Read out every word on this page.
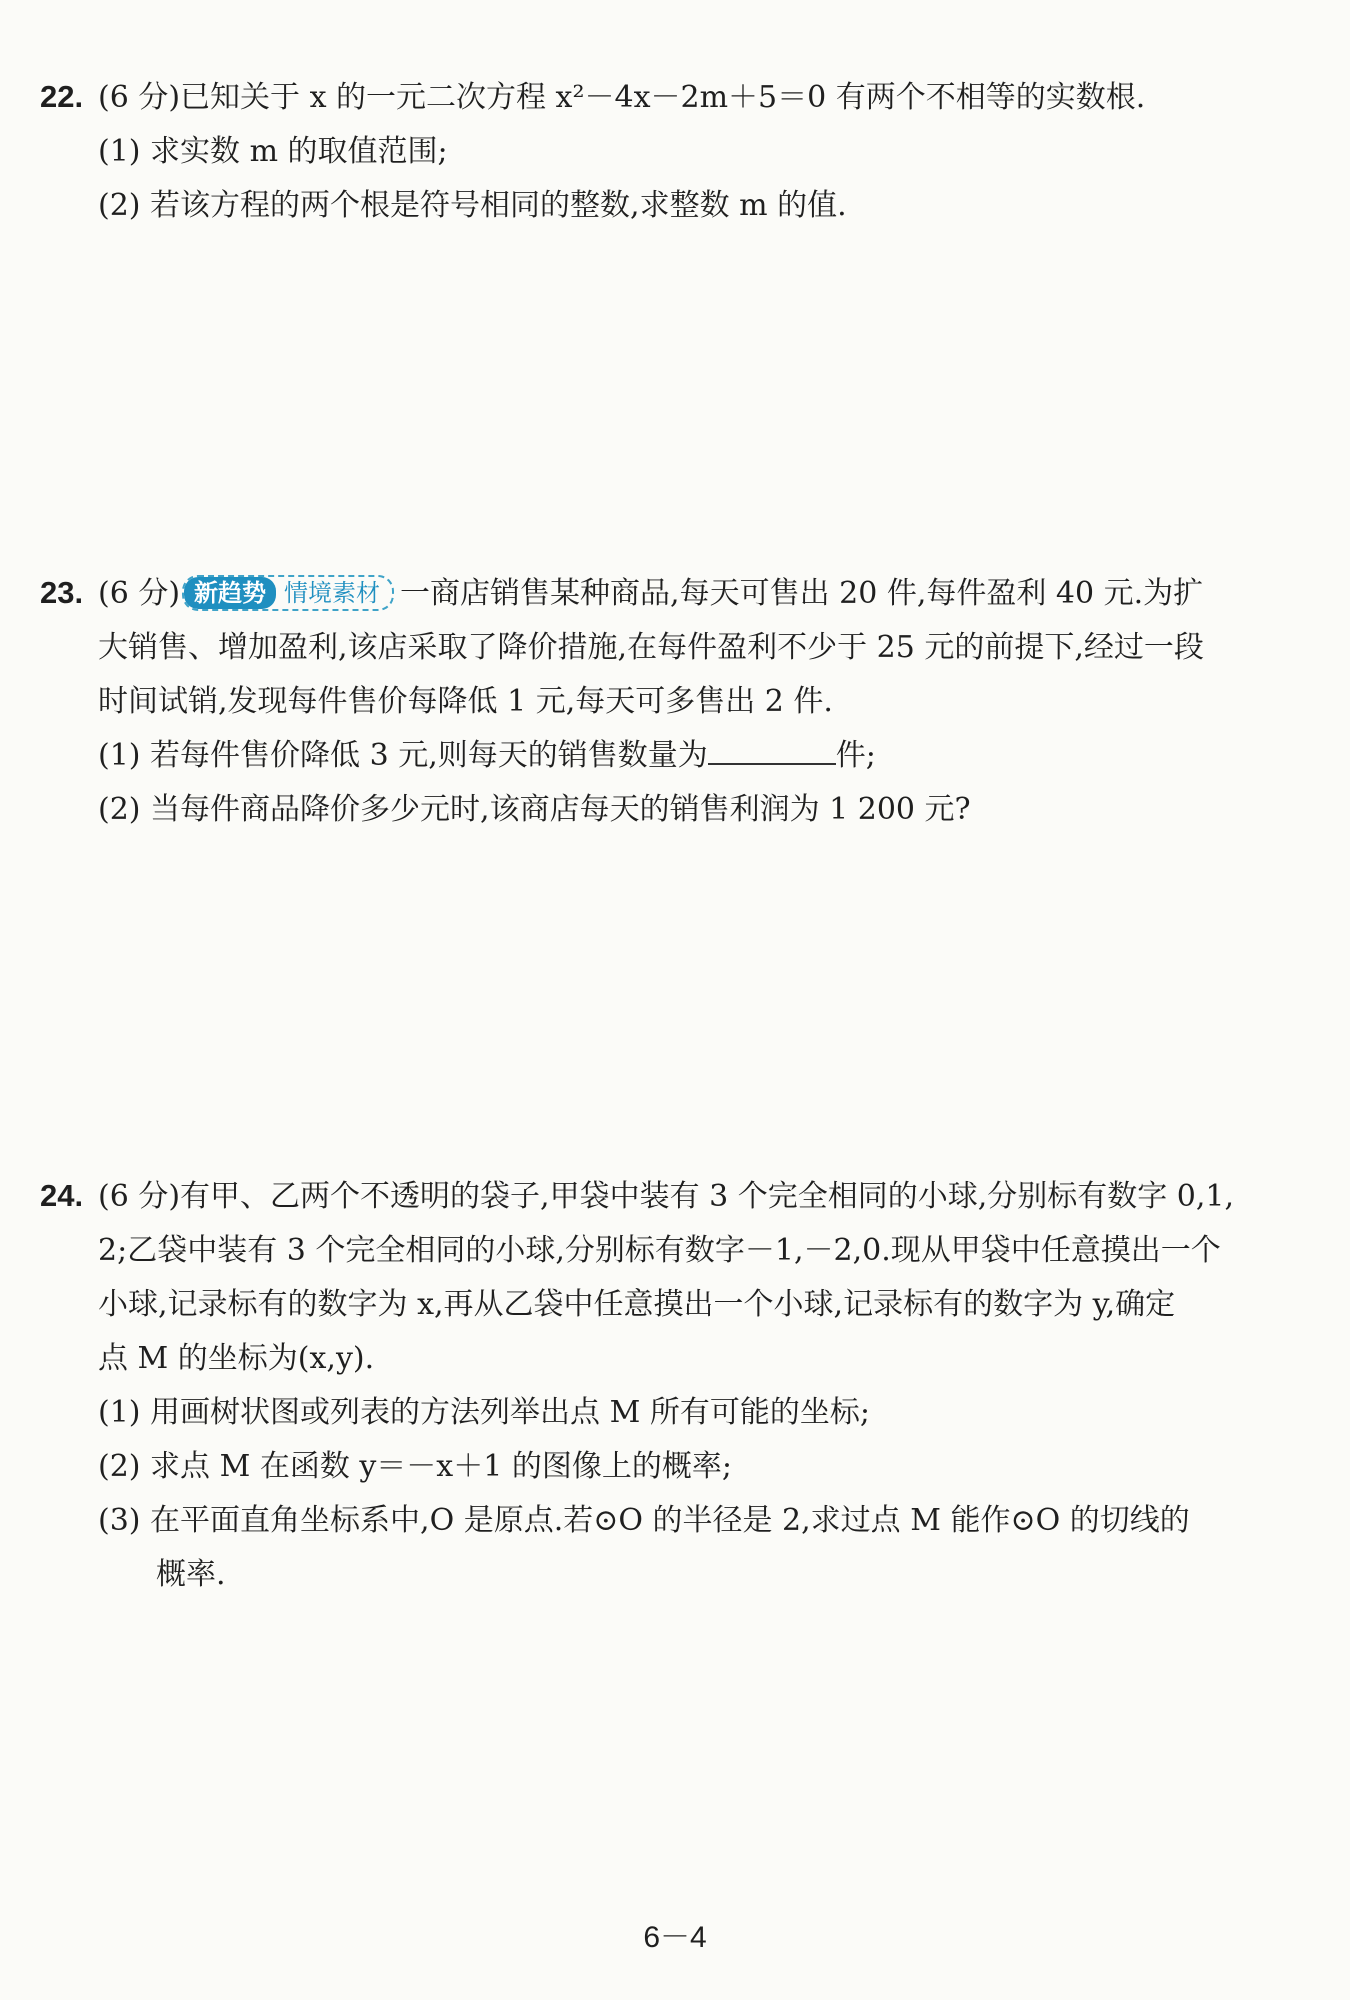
22. (6 分)已知关于 x 的一元二次方程 x²－4x－2m＋5＝0 有两个不相等的实数根.
(1) 求实数 m 的取值范围;
(2) 若该方程的两个根是符号相同的整数,求整数 m 的值.
23. (6 分) 新趋势 情境素材 一商店销售某种商品,每天可售出 20 件,每件盈利 40 元.为扩
大销售、增加盈利,该店采取了降价措施,在每件盈利不少于 25 元的前提下,经过一段
时间试销,发现每件售价每降低 1 元,每天可多售出 2 件.
(1) 若每件售价降低 3 元,则每天的销售数量为	件;
(2) 当每件商品降价多少元时,该商店每天的销售利润为 1 200 元?
24. (6 分)有甲、乙两个不透明的袋子,甲袋中装有 3 个完全相同的小球,分别标有数字 0,1,
2;乙袋中装有 3 个完全相同的小球,分别标有数字－1,－2,0.现从甲袋中任意摸出一个
小球,记录标有的数字为 x,再从乙袋中任意摸出一个小球,记录标有的数字为 y,确定
点 M 的坐标为(x,y).
(1) 用画树状图或列表的方法列举出点 M 所有可能的坐标;
(2) 求点 M 在函数 y＝－x＋1 的图像上的概率;
(3) 在平面直角坐标系中,O 是原点.若⊙O 的半径是 2,求过点 M 能作⊙O 的切线的
概率.
6－4
